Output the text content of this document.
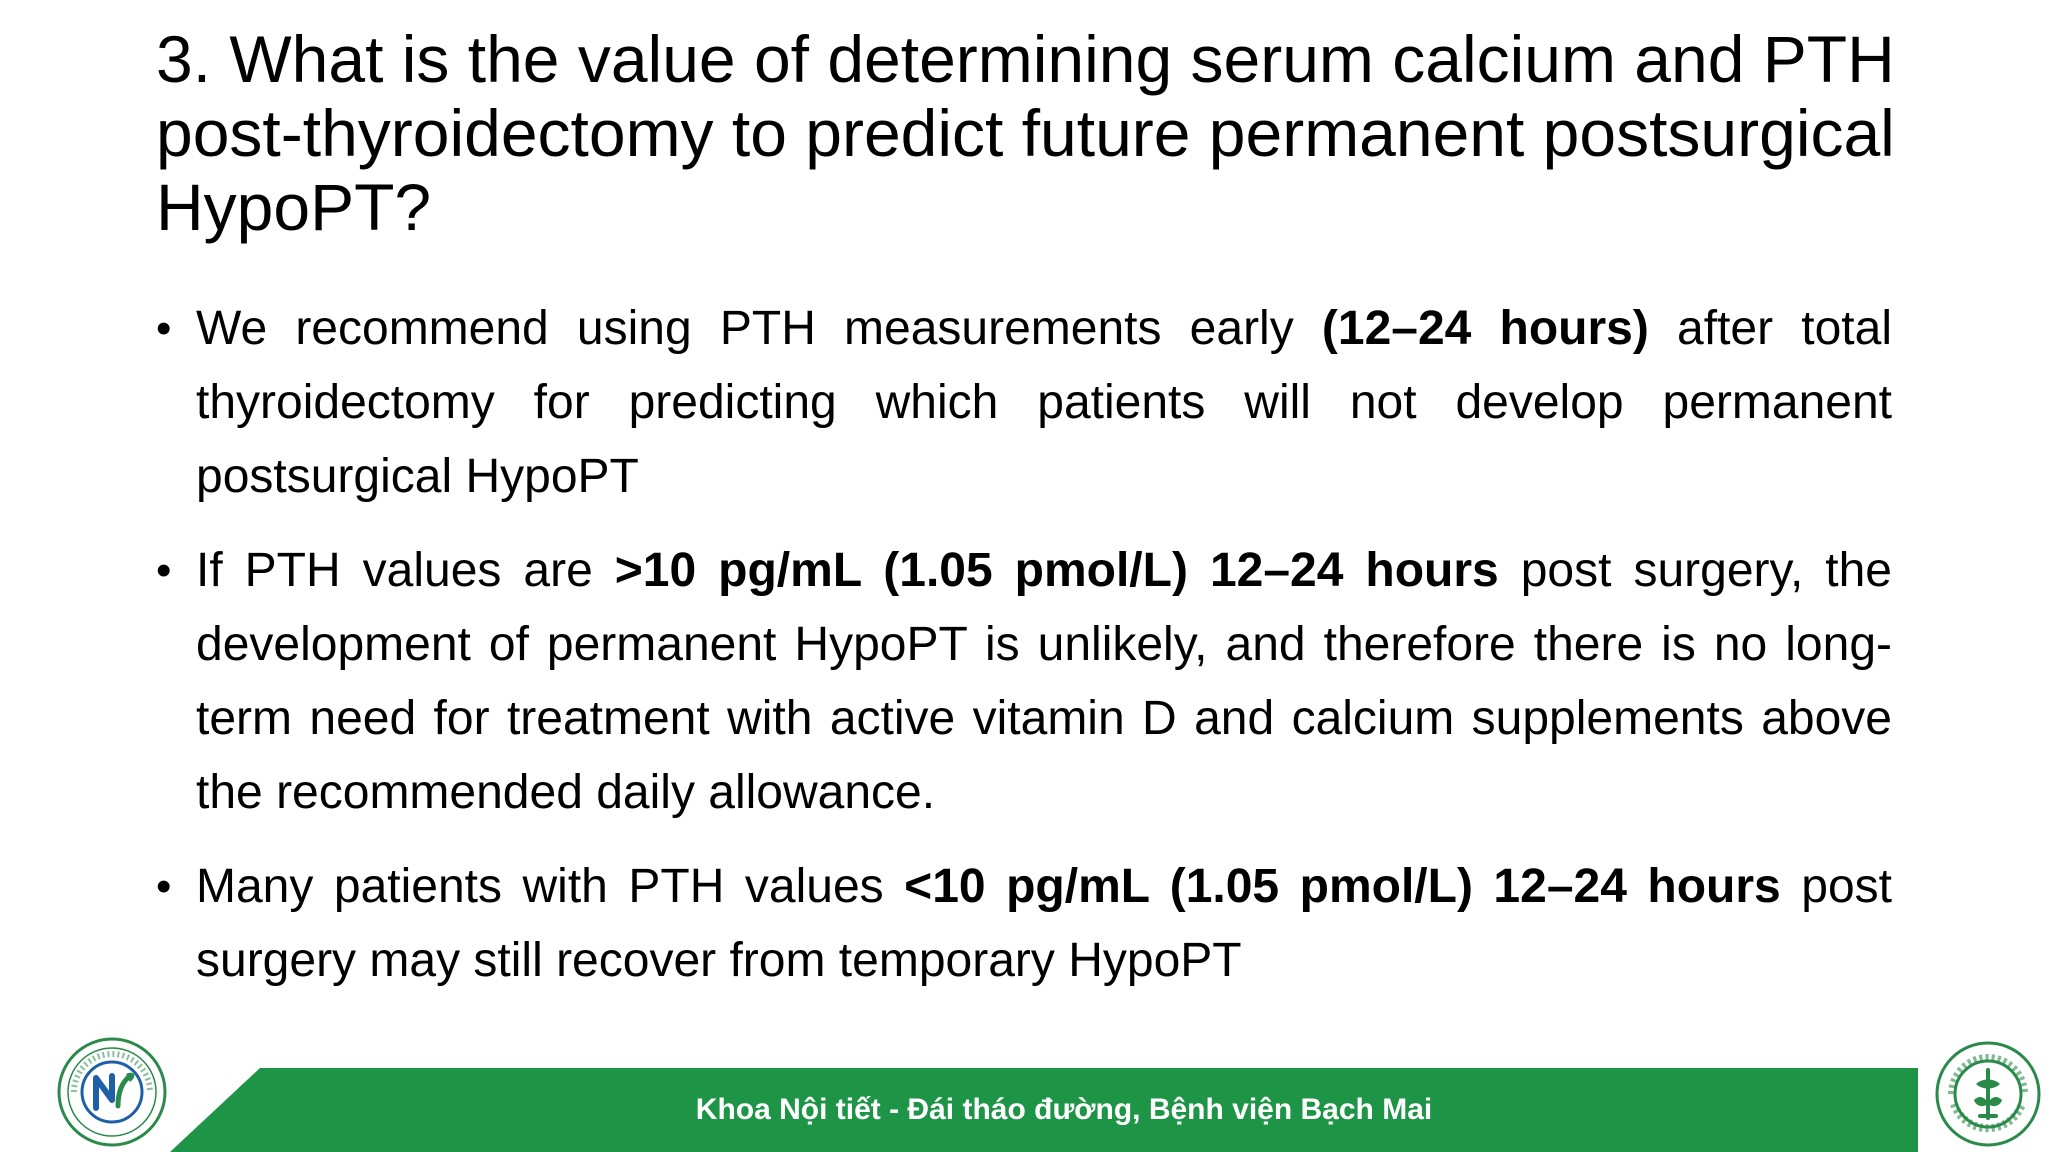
3. What is the value of determining serum calcium and PTH post-thyroidectomy to predict future permanent postsurgical HypoPT?
• We recommend using PTH measurements early (12–24 hours) after total thyroidectomy for predicting which patients will not develop permanent postsurgical HypoPT
• If PTH values are >10 pg/mL (1.05 pmol/L) 12–24 hours post surgery, the development of permanent HypoPT is unlikely, and therefore there is no long-term need for treatment with active vitamin D and calcium supplements above the recommended daily allowance.
• Many patients with PTH values <10 pg/mL (1.05 pmol/L) 12–24 hours post surgery may still recover from temporary HypoPT
Khoa Nội tiết - Đái tháo đường, Bệnh viện Bạch Mai
